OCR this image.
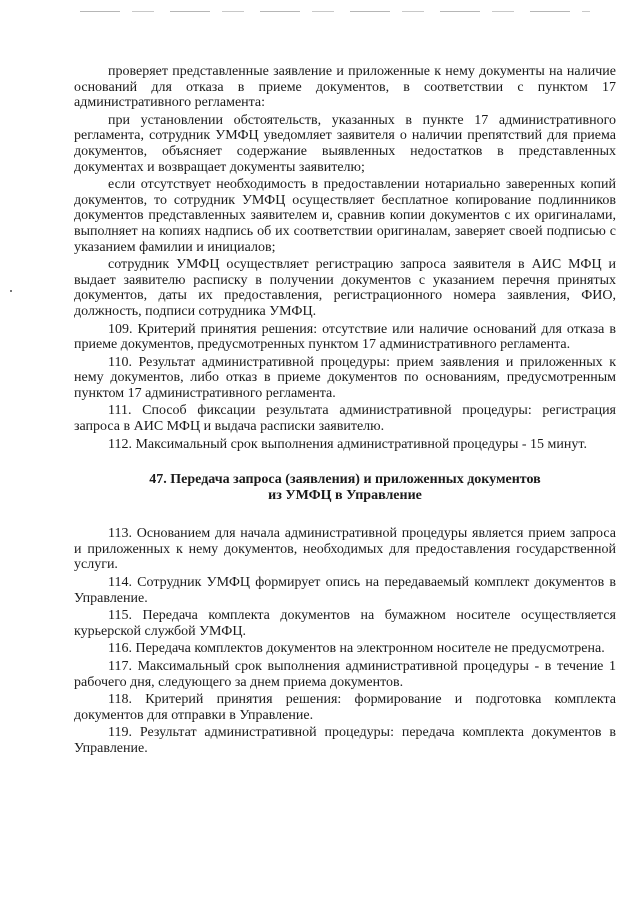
проверяет представленные заявление и приложенные к нему документы на наличие оснований для отказа в приеме документов, в соответствии с пунктом 17 административного регламента:

при установлении обстоятельств, указанных в пункте 17 административного регламента, сотрудник УМФЦ уведомляет заявителя о наличии препятствий для приема документов, объясняет содержание выявленных недостатков в представленных документах и возвращает документы заявителю;

если отсутствует необходимость в предоставлении нотариально заверенных копий документов, то сотрудник УМФЦ осуществляет бесплатное копирование подлинников документов представленных заявителем и, сравнив копии документов с их оригиналами, выполняет на копиях надпись об их соответствии оригиналам, заверяет своей подписью с указанием фамилии и инициалов;

сотрудник УМФЦ осуществляет регистрацию запроса заявителя в АИС МФЦ и выдает заявителю расписку в получении документов с указанием перечня принятых документов, даты их предоставления, регистрационного номера заявления, ФИО, должность, подписи сотрудника УМФЦ.

109. Критерий принятия решения: отсутствие или наличие оснований для отказа в приеме документов, предусмотренных пунктом 17 административного регламента.

110. Результат административной процедуры: прием заявления и приложенных к нему документов, либо отказ в приеме документов по основаниям, предусмотренным пунктом 17 административного регламента.

111. Способ фиксации результата административной процедуры: регистрация запроса в АИС МФЦ и выдача расписки заявителю.

112. Максимальный срок выполнения административной процедуры - 15 минут.

47. Передача запроса (заявления) и приложенных документов
из УМФЦ в Управление

113. Основанием для начала административной процедуры является прием запроса и приложенных к нему документов, необходимых для предоставления государственной услуги.

114. Сотрудник УМФЦ формирует опись на передаваемый комплект документов в Управление.

115. Передача комплекта документов на бумажном носителе осуществляется курьерской службой УМФЦ.

116. Передача комплектов документов на электронном носителе не предусмотрена.

117. Максимальный срок выполнения административной процедуры - в течение 1 рабочего дня, следующего за днем приема документов.

118. Критерий принятия решения: формирование и подготовка комплекта документов для отправки в Управление.

119. Результат административной процедуры: передача комплекта документов в Управление.
